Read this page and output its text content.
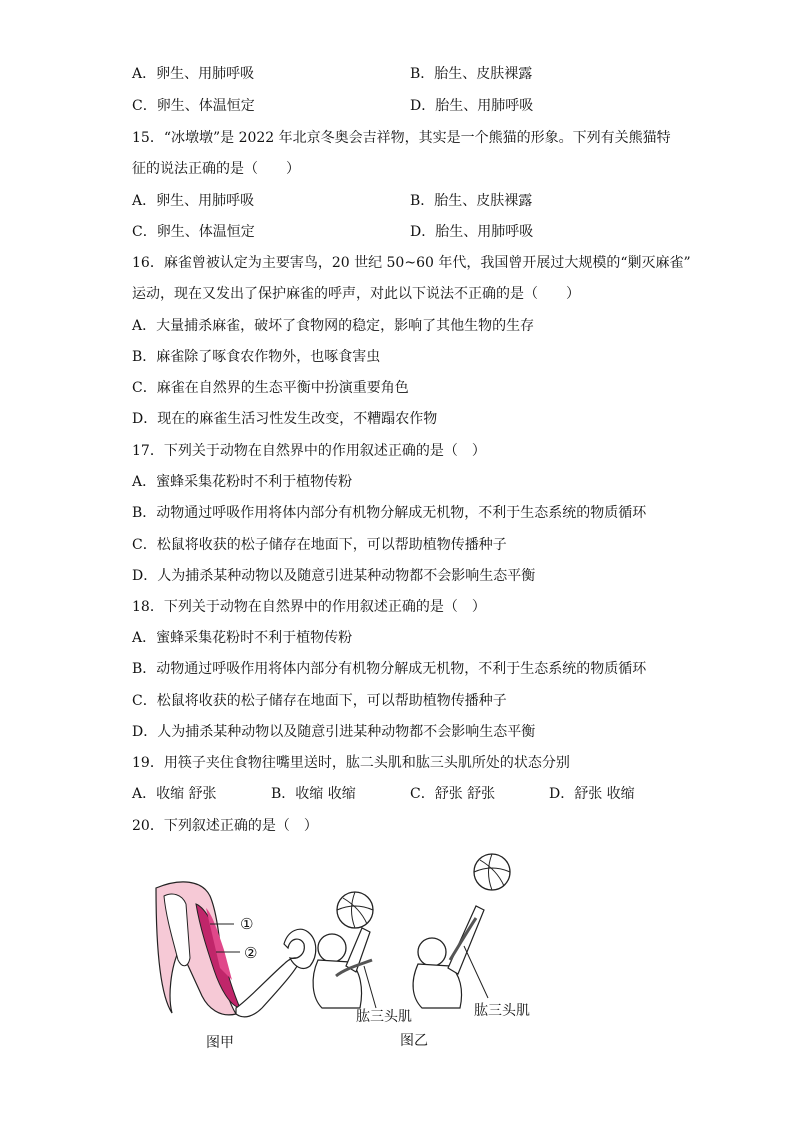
A．卵生、用肺呼吸	B．胎生、皮肤裸露
C．卵生、体温恒定	D．胎生、用肺呼吸
15．“冰墩墩”是 2022 年北京冬奥会吉祥物，其实是一个熊猫的形象。下列有关熊猫特
征的说法正确的是（　　）
A．卵生、用肺呼吸	B．胎生、皮肤裸露
C．卵生、体温恒定	D．胎生、用肺呼吸
16．麻雀曾被认定为主要害鸟，20 世纪 50~60 年代，我国曾开展过大规模的“剿灭麻雀”
运动，现在又发出了保护麻雀的呼声，对此以下说法不正确的是（　　）
A．大量捕杀麻雀，破坏了食物网的稳定，影响了其他生物的生存
B．麻雀除了啄食农作物外，也啄食害虫
C．麻雀在自然界的生态平衡中扮演重要角色
D．现在的麻雀生活习性发生改变，不糟蹋农作物
17．下列关于动物在自然界中的作用叙述正确的是（　）
A．蜜蜂采集花粉时不利于植物传粉
B．动物通过呼吸作用将体内部分有机物分解成无机物，不利于生态系统的物质循环
C．松鼠将收获的松子储存在地面下，可以帮助植物传播种子
D．人为捕杀某种动物以及随意引进某种动物都不会影响生态平衡
18．下列关于动物在自然界中的作用叙述正确的是（　）
A．蜜蜂采集花粉时不利于植物传粉
B．动物通过呼吸作用将体内部分有机物分解成无机物，不利于生态系统的物质循环
C．松鼠将收获的松子储存在地面下，可以帮助植物传播种子
D．人为捕杀某种动物以及随意引进某种动物都不会影响生态平衡
19．用筷子夹住食物往嘴里送时，肱二头肌和肱三头肌所处的状态分别
A．收缩 舒张	B．收缩 收缩	C．舒张 舒张	D．舒张 收缩
20．下列叙述正确的是（　）
①
②
肱三头肌	肱三头肌
图甲	图乙
